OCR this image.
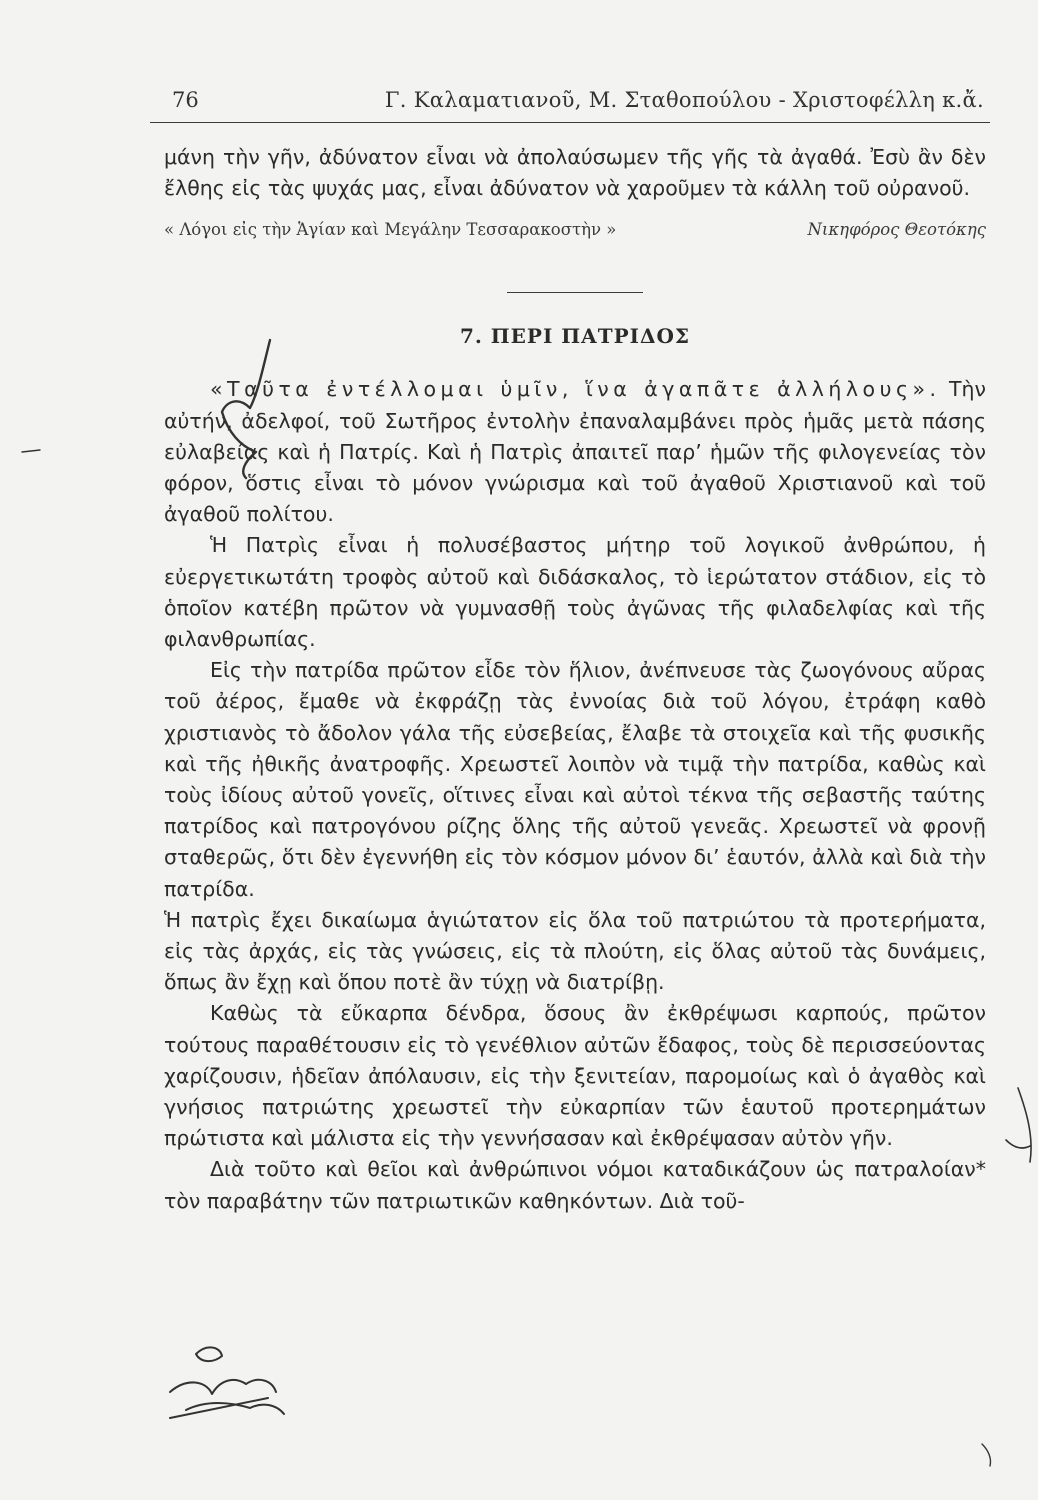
76	Γ. Καλαματιανοῦ, Μ. Σταθοπούλου - Χριστοφέλλη κ.ἄ.

μάνη τὴν γῆν, ἀδύνατον εἶναι νὰ ἀπολαύσωμεν τῆς γῆς τὰ ἀγαθά. Ἐσὺ ἂν δὲν ἔλθης εἰς τὰς ψυχάς μας, εἶναι ἀδύνατον νὰ χαροῦμεν τὰ κάλλη τοῦ οὐρανοῦ.

« Λόγοι εἰς τὴν Ἁγίαν καὶ Μεγάλην Τεσσαρακοστὴν »	Νικηφόρος Θεοτόκης
7. ΠΕΡΙ ΠΑΤΡΙΔΟΣ

«Ταῦτα ἐντέλλομαι ὑμῖν, ἵνα ἀγαπᾶτε ἀλλήλους». Τὴν αὐτήν, ἀδελφοί, τοῦ Σωτῆρος ἐντολὴν ἐπαναλαμβάνει πρὸς ἡμᾶς μετὰ πάσης εὐλαβείας καὶ ἡ Πατρίς. Καὶ ἡ Πατρὶς ἀπαιτεῖ παρ’ ἡμῶν τῆς φιλογενείας τὸν φόρον, ὅστις εἶναι τὸ μόνον γνώρισμα καὶ τοῦ ἀγαθοῦ Χριστιανοῦ καὶ τοῦ ἀγαθοῦ πολίτου.

Ἡ Πατρὶς εἶναι ἡ πολυσέβαστος μήτηρ τοῦ λογικοῦ ἀνθρώπου, ἡ εὐεργετικωτάτη τροφὸς αὐτοῦ καὶ διδάσκαλος, τὸ ἱερώτατον στάδιον, εἰς τὸ ὁποῖον κατέβη πρῶτον νὰ γυμνασθῇ τοὺς ἀγῶνας τῆς φιλαδελφίας καὶ τῆς φιλανθρωπίας.

Εἰς τὴν πατρίδα πρῶτον εἶδε τὸν ἥλιον, ἀνέπνευσε τὰς ζωογόνους αὔρας τοῦ ἀέρος, ἔμαθε νὰ ἐκφράζῃ τὰς ἐννοίας διὰ τοῦ λόγου, ἐτράφη καθὸ χριστιανὸς τὸ ἄδολον γάλα τῆς εὐσεβείας, ἔλαβε τὰ στοιχεῖα καὶ τῆς φυσικῆς καὶ τῆς ἠθικῆς ἀνατροφῆς. Χρεωστεῖ λοιπὸν νὰ τιμᾷ τὴν πατρίδα, καθὼς καὶ τοὺς ἰδίους αὐτοῦ γονεῖς, οἵτινες εἶναι καὶ αὐτοὶ τέκνα τῆς σεβαστῆς ταύτης πατρίδος καὶ πατρογόνου ρίζης ὅλης τῆς αὐτοῦ γενεᾶς. Χρεωστεῖ νὰ φρονῇ σταθερῶς, ὅτι δὲν ἐγεννήθη εἰς τὸν κόσμον μόνον δι’ ἑαυτόν, ἀλλὰ καὶ διὰ τὴν πατρίδα.

Ἡ πατρὶς ἔχει δικαίωμα ἁγιώτατον εἰς ὅλα τοῦ πατριώτου τὰ προτερήματα, εἰς τὰς ἀρχάς, εἰς τὰς γνώσεις, εἰς τὰ πλούτη, εἰς ὅλας αὐτοῦ τὰς δυνάμεις, ὅπως ἂν ἔχῃ καὶ ὅπου ποτὲ ἂν τύχῃ νὰ διατρίβῃ.

Καθὼς τὰ εὔκαρπα δένδρα, ὅσους ἂν ἐκθρέψωσι καρπούς, πρῶτον τούτους παραθέτουσιν εἰς τὸ γενέθλιον αὐτῶν ἔδαφος, τοὺς δὲ περισσεύοντας χαρίζουσιν, ἡδεῖαν ἀπόλαυσιν, εἰς τὴν ξενιτείαν, παρομοίως καὶ ὁ ἀγαθὸς καὶ γνήσιος πατριώτης χρεωστεῖ τὴν εὐκαρπίαν τῶν ἑαυτοῦ προτερημάτων πρώτιστα καὶ μάλιστα εἰς τὴν γεννήσασαν καὶ ἐκθρέψασαν αὐτὸν γῆν.

Διὰ τοῦτο καὶ θεῖοι καὶ ἀνθρώπινοι νόμοι καταδικάζουν ὡς πατραλοίαν* τὸν παραβάτην τῶν πατριωτικῶν καθηκόντων. Διὰ τοῦ-
